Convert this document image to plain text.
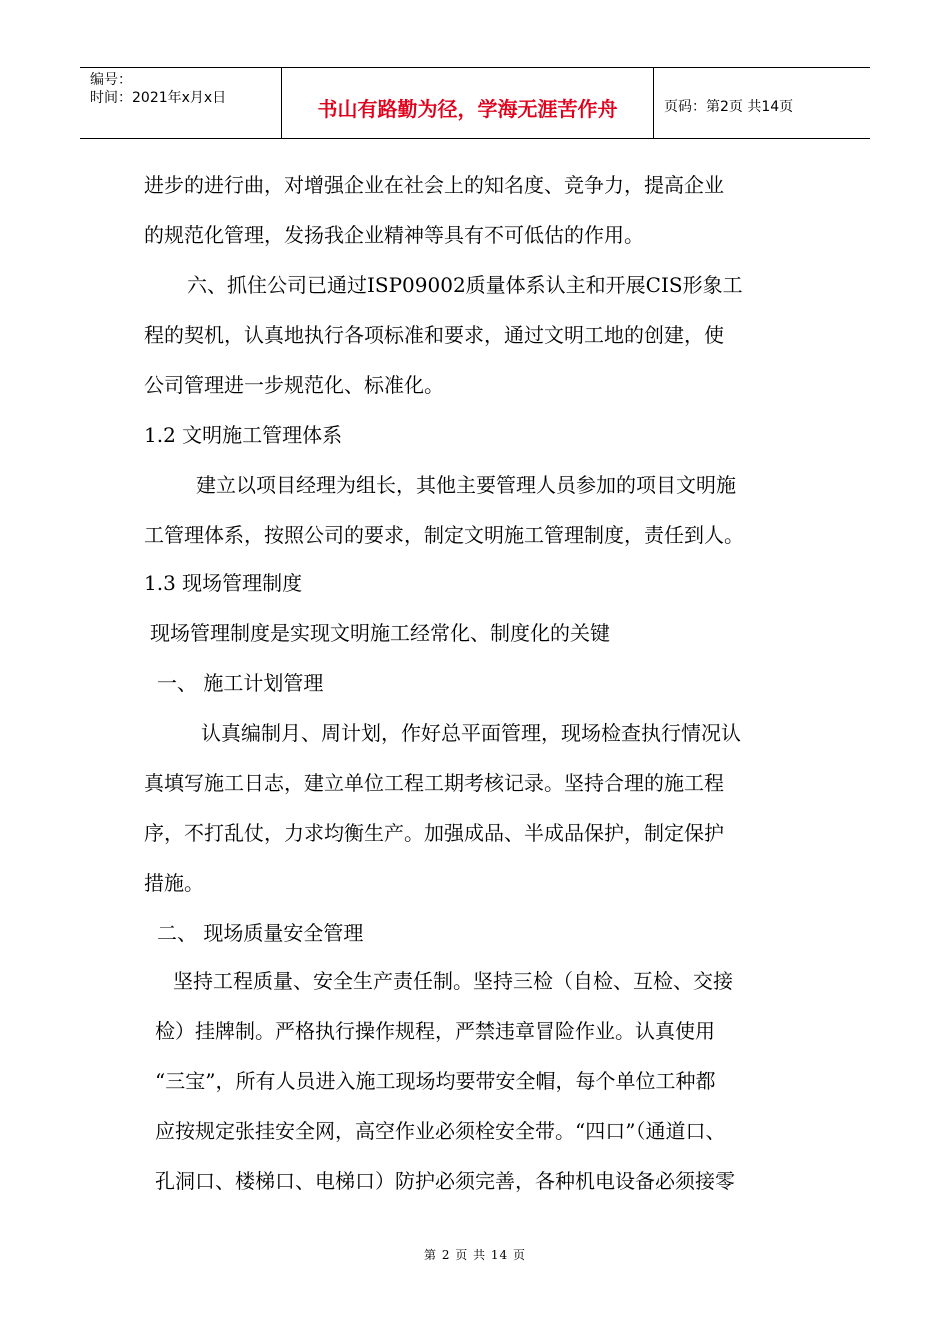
编号：
时间：2021年x月x日	书山有路勤为径，学海无涯苦作舟	页码：第2页 共14页
进步的进行曲，对增强企业在社会上的知名度、竞争力，提高企业
的规范化管理，发扬我企业精神等具有不可低估的作用。
六、抓住公司已通过ISP09002质量体系认主和开展CIS形象工
程的契机，认真地执行各项标准和要求，通过文明工地的创建，使
公司管理进一步规范化、标准化。
1.2 文明施工管理体系
建立以项目经理为组长，其他主要管理人员参加的项目文明施
工管理体系，按照公司的要求，制定文明施工管理制度，责任到人。
1.3 现场管理制度
现场管理制度是实现文明施工经常化、制度化的关键
一、 施工计划管理
认真编制月、周计划，作好总平面管理，现场检查执行情况认
真填写施工日志，建立单位工程工期考核记录。坚持合理的施工程
序，不打乱仗，力求均衡生产。加强成品、半成品保护，制定保护
措施。
二、 现场质量安全管理
坚持工程质量、安全生产责任制。坚持三检（自检、互检、交接
检）挂牌制。严格执行操作规程，严禁违章冒险作业。认真使用
“三宝”，所有人员进入施工现场均要带安全帽，每个单位工种都
应按规定张挂安全网，高空作业必须栓安全带。“四口”（通道口、
孔洞口、楼梯口、电梯口）防护必须完善，各种机电设备必须接零
第 2 页 共 14 页
